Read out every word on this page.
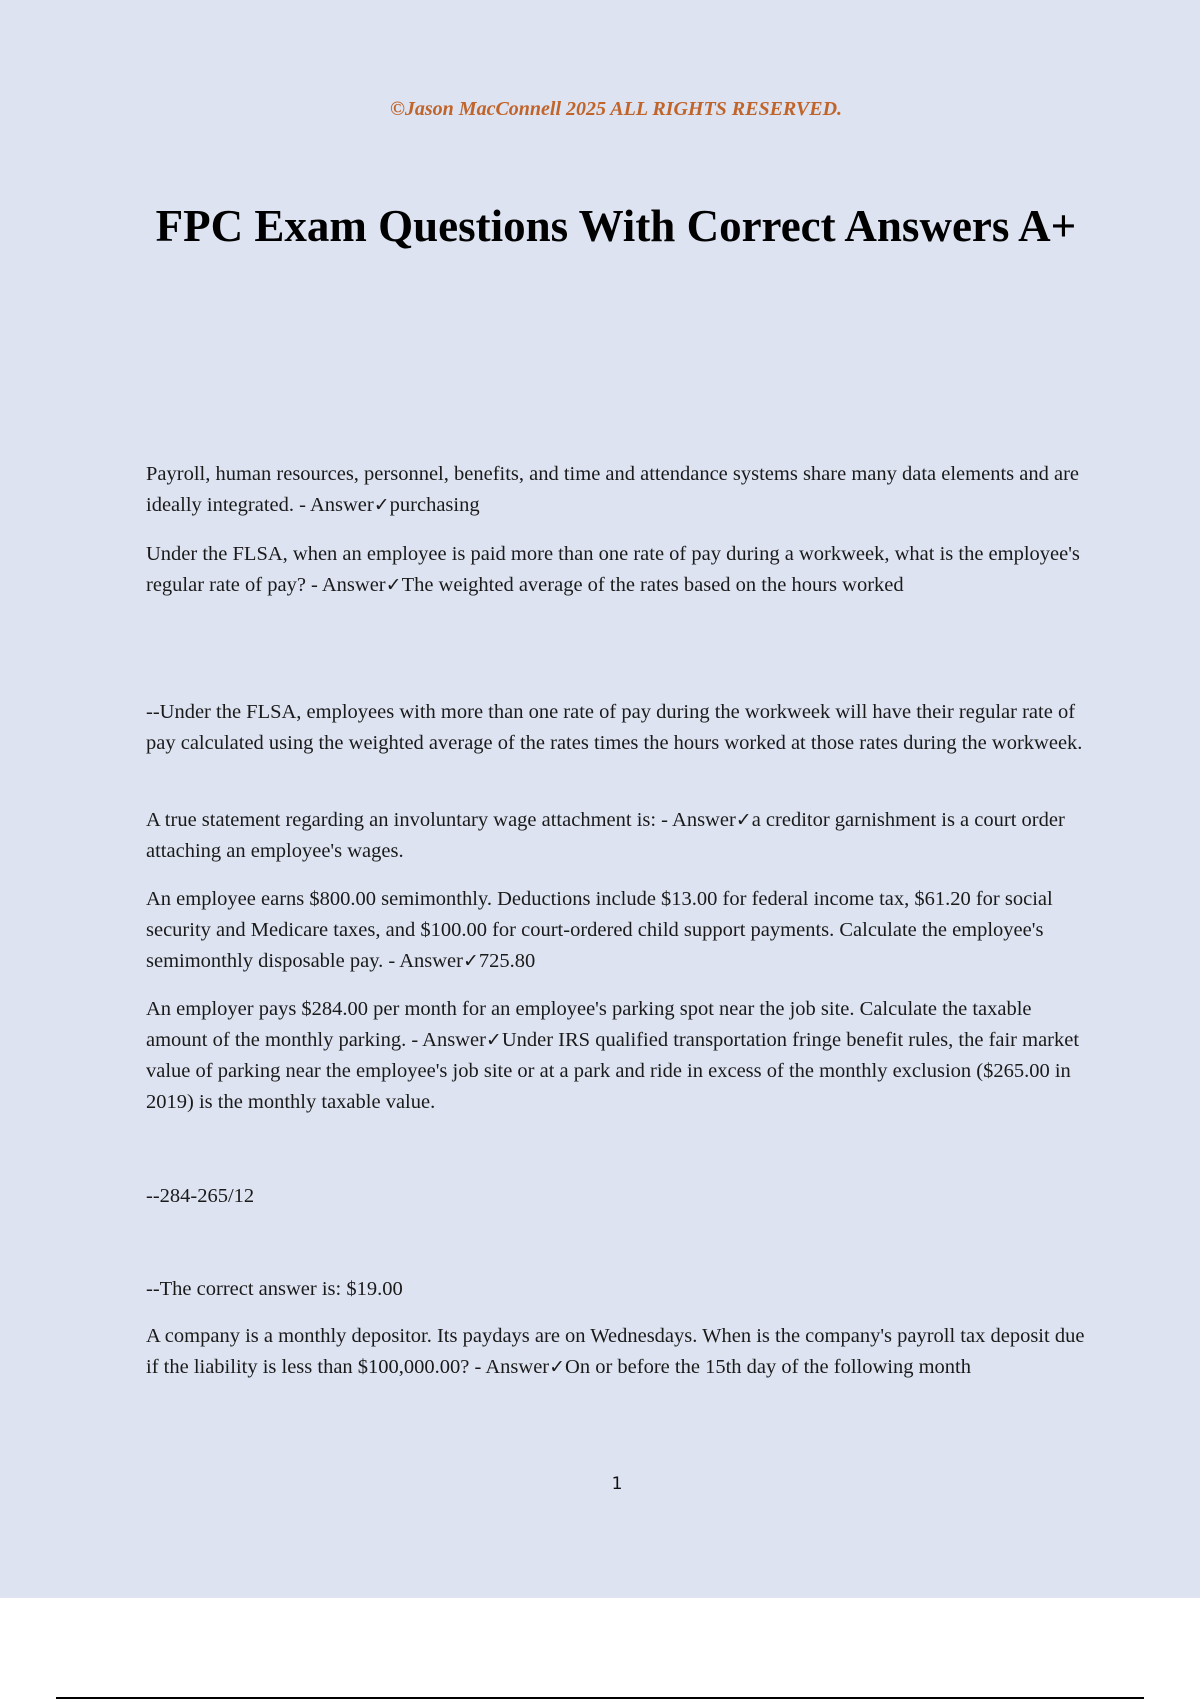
©Jason MacConnell 2025 ALL RIGHTS RESERVED.
FPC Exam Questions With Correct Answers A+

Payroll, human resources, personnel, benefits, and time and attendance systems share many data elements and are ideally integrated. - Answer✓purchasing

Under the FLSA, when an employee is paid more than one rate of pay during a workweek, what is the employee's regular rate of pay? - Answer✓The weighted average of the rates based on the hours worked

--Under the FLSA, employees with more than one rate of pay during the workweek will have their regular rate of pay calculated using the weighted average of the rates times the hours worked at those rates during the workweek.

A true statement regarding an involuntary wage attachment is: - Answer✓a creditor garnishment is a court order attaching an employee's wages.

An employee earns $800.00 semimonthly. Deductions include $13.00 for federal income tax, $61.20 for social security and Medicare taxes, and $100.00 for court-ordered child support payments. Calculate the employee's semimonthly disposable pay. - Answer✓725.80

An employer pays $284.00 per month for an employee's parking spot near the job site. Calculate the taxable amount of the monthly parking. - Answer✓Under IRS qualified transportation fringe benefit rules, the fair market value of parking near the employee's job site or at a park and ride in excess of the monthly exclusion ($265.00 in 2019) is the monthly taxable value.

--284-265/12

--The correct answer is: $19.00

A company is a monthly depositor. Its paydays are on Wednesdays. When is the company's payroll tax deposit due if the liability is less than $100,000.00? - Answer✓On or before the 15th day of the following month

1
